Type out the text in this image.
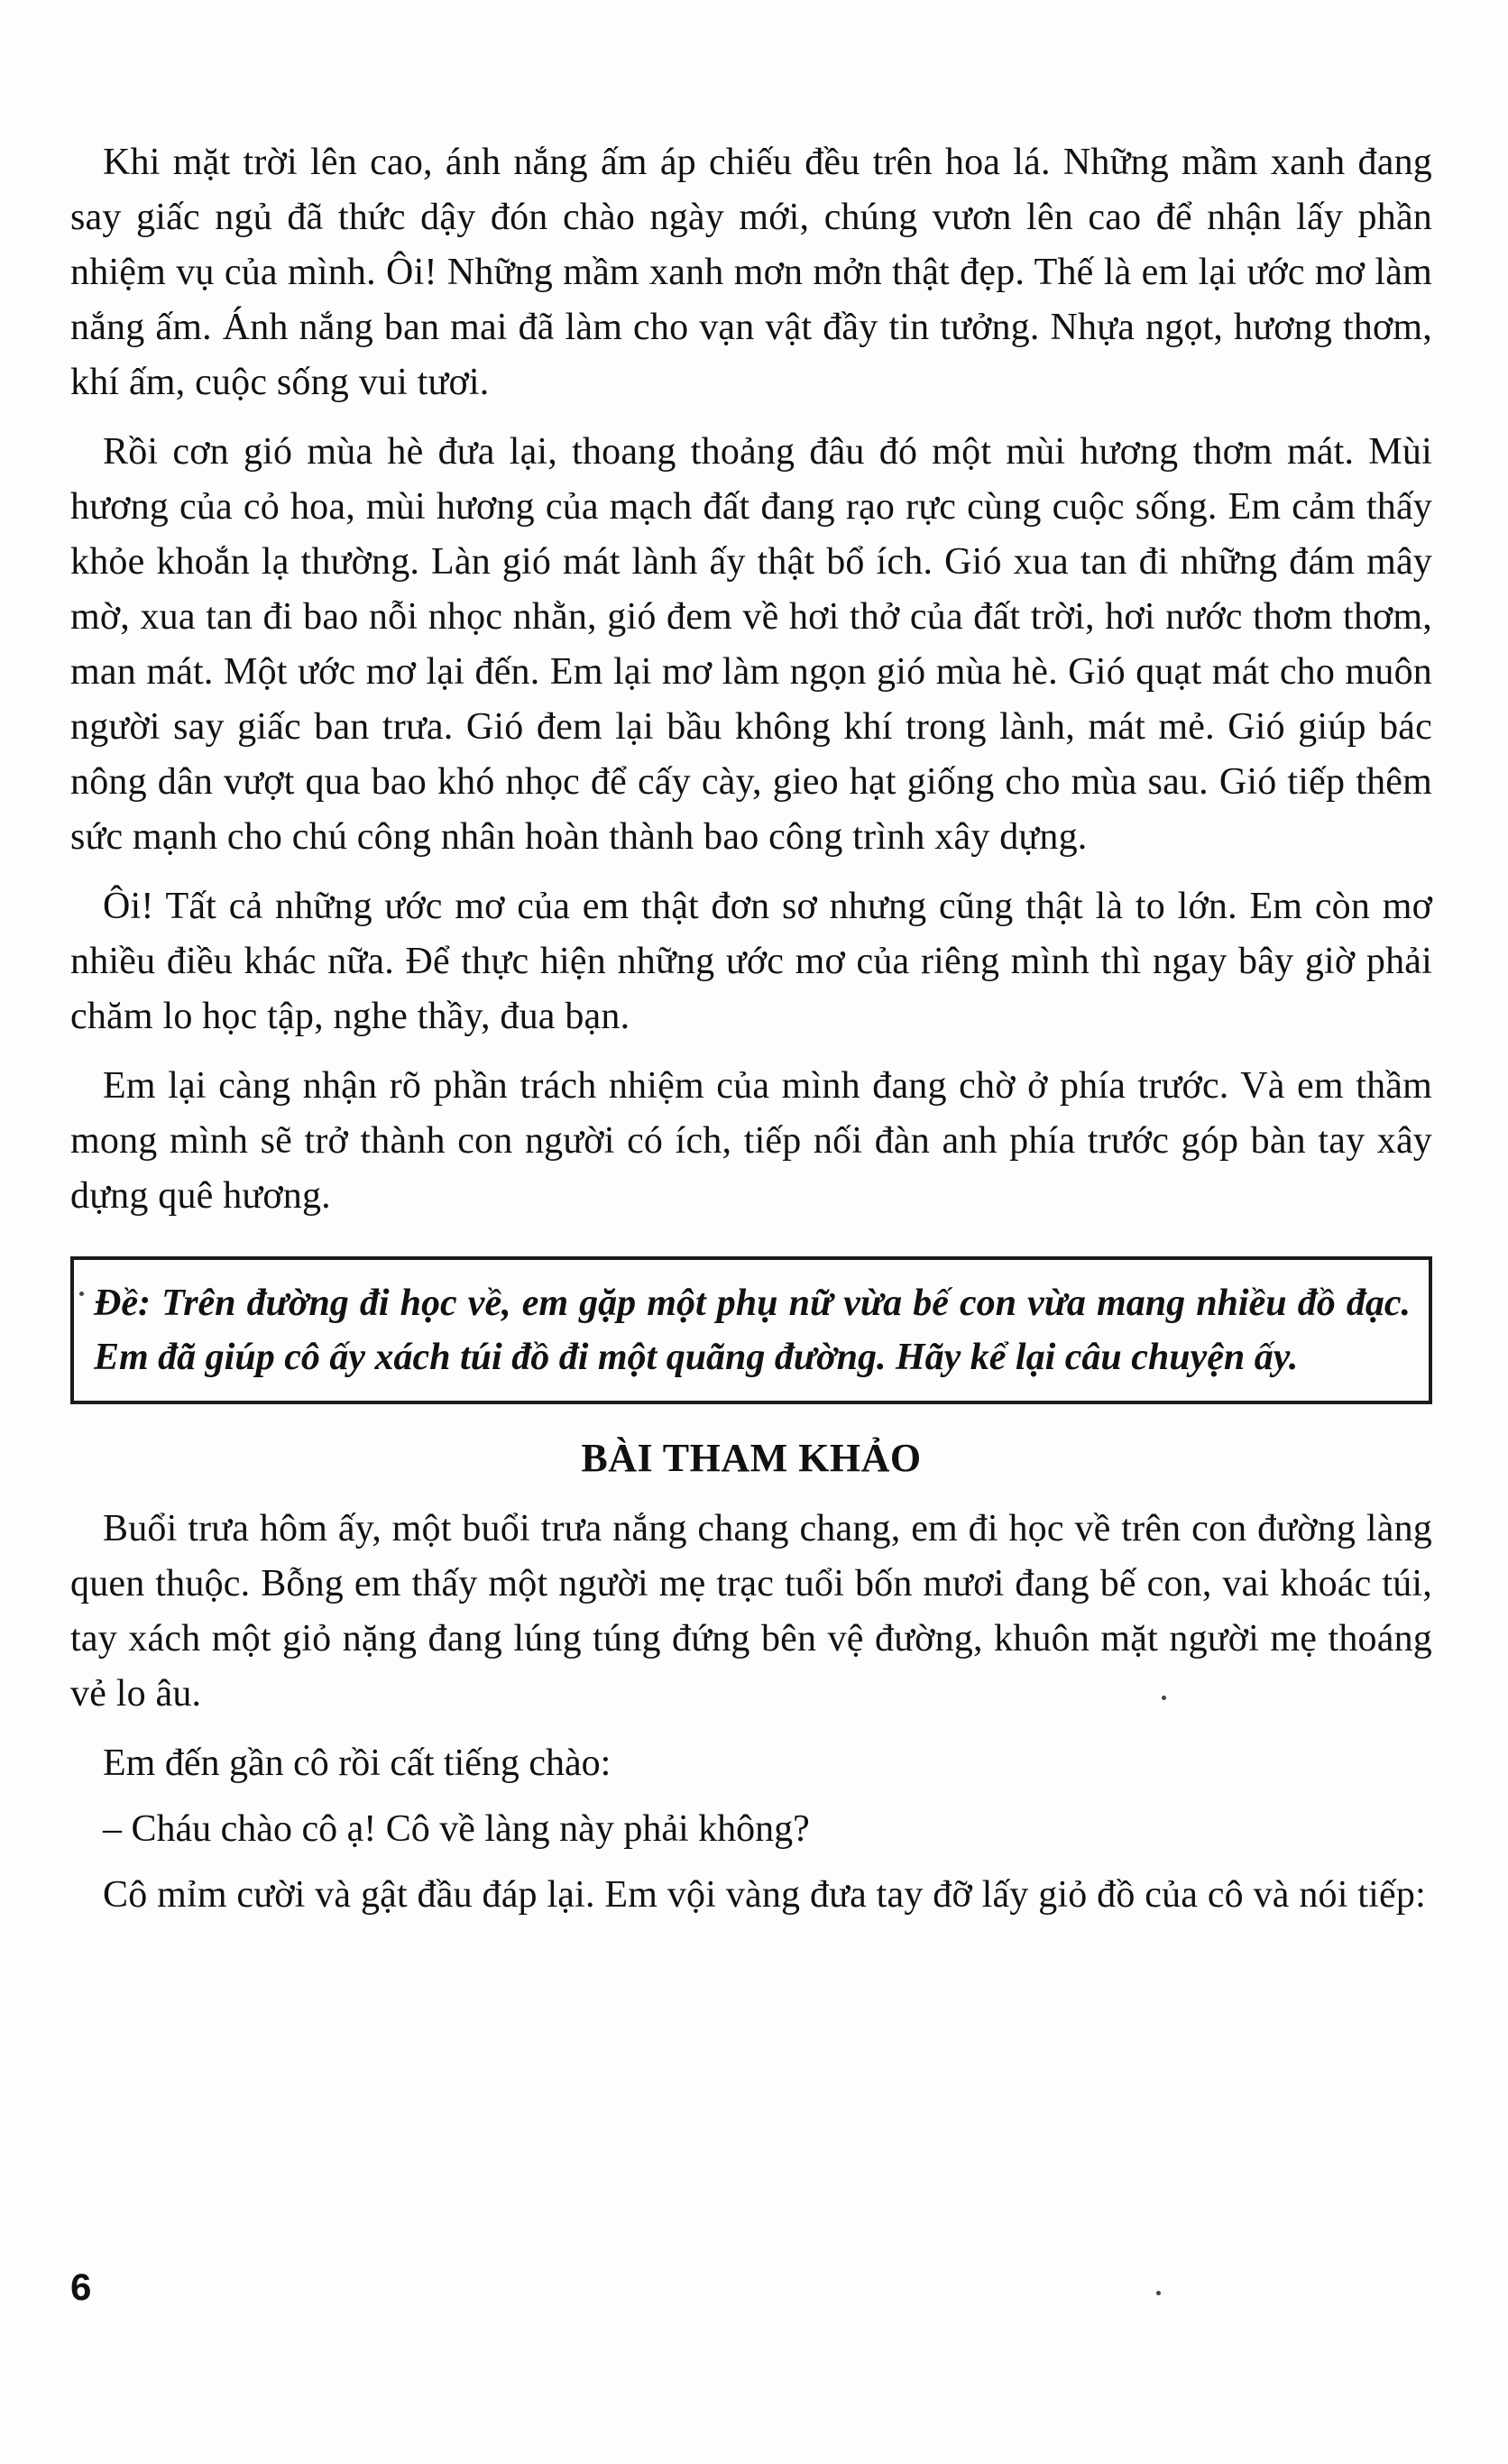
Khi mặt trời lên cao, ánh nắng ấm áp chiếu đều trên hoa lá. Những mầm xanh đang say giấc ngủ đã thức dậy đón chào ngày mới, chúng vươn lên cao để nhận lấy phần nhiệm vụ của mình. Ôi! Những mầm xanh mơn mởn thật đẹp. Thế là em lại ước mơ làm nắng ấm. Ánh nắng ban mai đã làm cho vạn vật đầy tin tưởng. Nhựa ngọt, hương thơm, khí ấm, cuộc sống vui tươi.

Rồi cơn gió mùa hè đưa lại, thoang thoảng đâu đó một mùi hương thơm mát. Mùi hương của cỏ hoa, mùi hương của mạch đất đang rạo rực cùng cuộc sống. Em cảm thấy khỏe khoắn lạ thường. Làn gió mát lành ấy thật bổ ích. Gió xua tan đi những đám mây mờ, xua tan đi bao nỗi nhọc nhằn, gió đem về hơi thở của đất trời, hơi nước thơm thơm, man mát. Một ước mơ lại đến. Em lại mơ làm ngọn gió mùa hè. Gió quạt mát cho muôn người say giấc ban trưa. Gió đem lại bầu không khí trong lành, mát mẻ. Gió giúp bác nông dân vượt qua bao khó nhọc để cấy cày, gieo hạt giống cho mùa sau. Gió tiếp thêm sức mạnh cho chú công nhân hoàn thành bao công trình xây dựng.

Ôi! Tất cả những ước mơ của em thật đơn sơ nhưng cũng thật là to lớn. Em còn mơ nhiều điều khác nữa. Để thực hiện những ước mơ của riêng mình thì ngay bây giờ phải chăm lo học tập, nghe thầy, đua bạn.

Em lại càng nhận rõ phần trách nhiệm của mình đang chờ ở phía trước. Và em thầm mong mình sẽ trở thành con người có ích, tiếp nối đàn anh phía trước góp bàn tay xây dựng quê hương.

Đề: Trên đường đi học về, em gặp một phụ nữ vừa bế con vừa mang nhiều đồ đạc. Em đã giúp cô ấy xách túi đồ đi một quãng đường. Hãy kể lại câu chuyện ấy.
BÀI THAM KHẢO

Buổi trưa hôm ấy, một buổi trưa nắng chang chang, em đi học về trên con đường làng quen thuộc. Bỗng em thấy một người mẹ trạc tuổi bốn mươi đang bế con, vai khoác túi, tay xách một giỏ nặng đang lúng túng đứng bên vệ đường, khuôn mặt người mẹ thoáng vẻ lo âu.

Em đến gần cô rồi cất tiếng chào:

– Cháu chào cô ạ! Cô về làng này phải không?

Cô mỉm cười và gật đầu đáp lại. Em vội vàng đưa tay đỡ lấy giỏ đồ của cô và nói tiếp:

6
